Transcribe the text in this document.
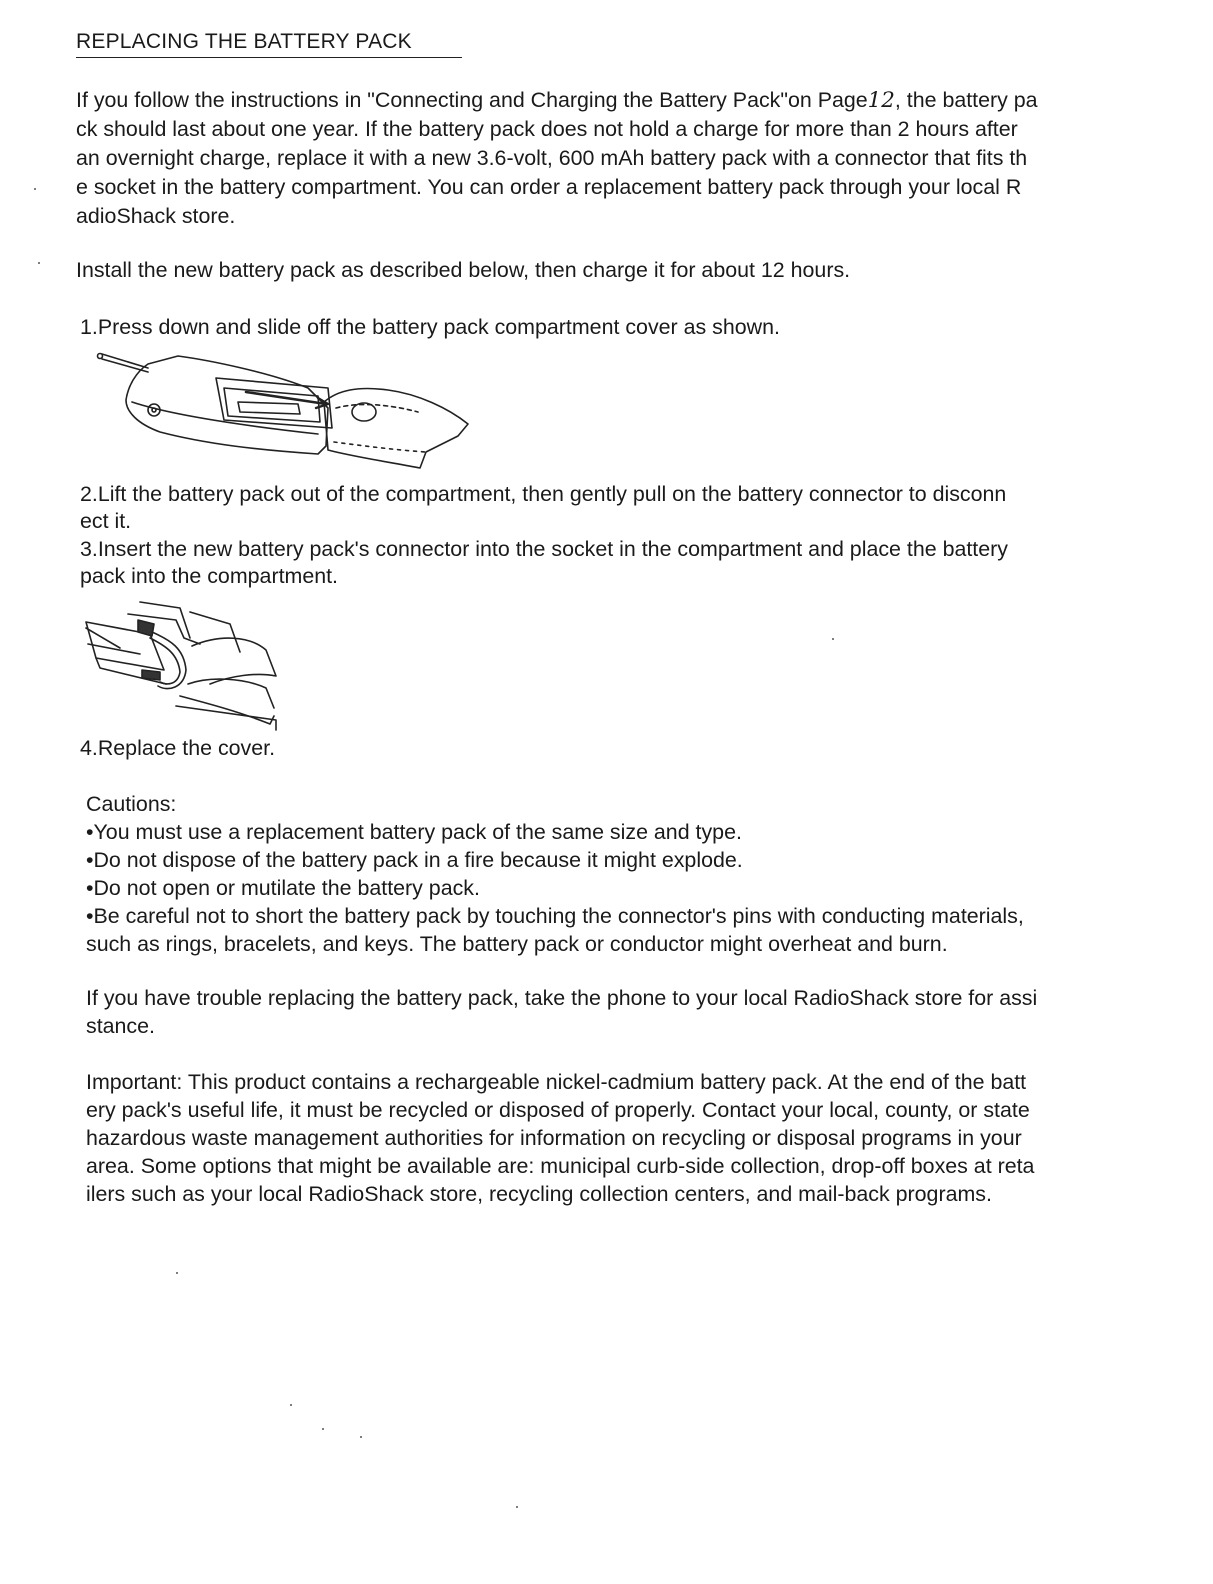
REPLACING THE BATTERY PACK
If you follow the instructions in "Connecting and Charging the Battery Pack"on Page12, the battery pa
ck should last about one year. If the battery pack does not hold a charge for more than 2 hours after
an overnight charge, replace it with a new 3.6-volt, 600 mAh battery pack with a connector that fits th
e socket in the battery compartment. You can order a replacement battery pack through your local R
adioShack store.
Install the new battery pack as described below, then charge it for about 12 hours.
1.Press down and slide off the battery pack compartment cover as shown.
2.Lift the battery pack out of the compartment, then gently pull on the battery connector to disconn
ect it.
3.Insert the new battery pack's connector into the socket in the compartment and place the battery
pack into the compartment.
4.Replace the cover.
Cautions:
•You must use a replacement battery pack of the same size and type.
•Do not dispose of the battery pack in a fire because it might explode.
•Do not open or mutilate the battery pack.
•Be careful not to short the battery pack by touching the connector's pins with conducting materials,
such as rings, bracelets, and keys. The battery pack or conductor might overheat and burn.
If you have trouble replacing the battery pack, take the phone to your local RadioShack store for assi
stance.
Important: This product contains a rechargeable nickel-cadmium battery pack. At the end of the batt
ery pack's useful life, it must be recycled or disposed of properly. Contact your local, county, or state
hazardous waste management authorities for information on recycling or disposal programs in your
area. Some options that might be available are: municipal curb-side collection, drop-off boxes at reta
ilers such as your local RadioShack store, recycling collection centers, and mail-back programs.
